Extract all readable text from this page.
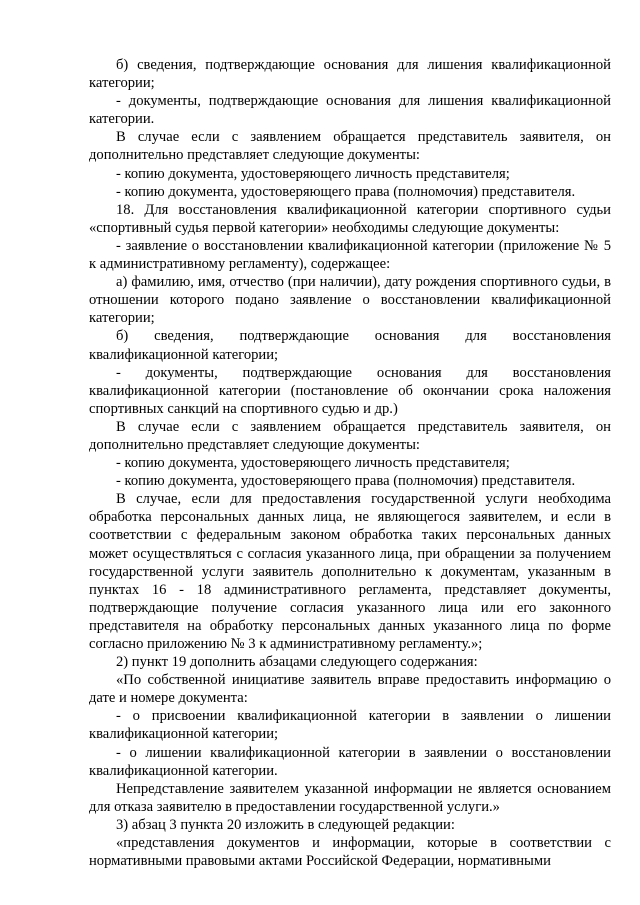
б) сведения, подтверждающие основания для лишения квалификационной категории;

- документы, подтверждающие основания для лишения квалификационной категории.

В случае если с заявлением обращается представитель заявителя, он дополнительно представляет следующие документы:

- копию документа, удостоверяющего личность представителя;

- копию документа, удостоверяющего права (полномочия) представителя.

18. Для восстановления квалификационной категории спортивного судьи «спортивный судья первой категории» необходимы следующие документы:

- заявление о восстановлении квалификационной категории (приложение № 5 к административному регламенту), содержащее:

а) фамилию, имя, отчество (при наличии), дату рождения спортивного судьи, в отношении которого подано заявление о восстановлении квалификационной категории;

б) сведения, подтверждающие основания для восстановления квалификационной категории;

- документы, подтверждающие основания для восстановления квалификационной категории (постановление об окончании срока наложения спортивных санкций на спортивного судью и др.)

В случае если с заявлением обращается представитель заявителя, он дополнительно представляет следующие документы:

- копию документа, удостоверяющего личность представителя;

- копию документа, удостоверяющего права (полномочия) представителя.

В случае, если для предоставления государственной услуги необходима обработка персональных данных лица, не являющегося заявителем, и если в соответствии с федеральным законом обработка таких персональных данных может осуществляться с согласия указанного лица, при обращении за получением государственной услуги заявитель дополнительно к документам, указанным в пунктах 16 - 18 административного регламента, представляет документы, подтверждающие получение согласия указанного лица или его законного представителя на обработку персональных данных указанного лица по форме согласно приложению № 3 к административному регламенту.»;

2) пункт 19 дополнить абзацами следующего содержания:

«По собственной инициативе заявитель вправе предоставить информацию о дате и номере документа:

- о присвоении квалификационной категории в заявлении о лишении квалификационной категории;

- о лишении квалификационной категории в заявлении о восстановлении квалификационной категории.

Непредставление заявителем указанной информации не является основанием для отказа заявителю в предоставлении государственной услуги.»

3) абзац 3 пункта 20 изложить в следующей редакции:

«представления документов и информации, которые в соответствии с нормативными правовыми актами Российской Федерации, нормативными
